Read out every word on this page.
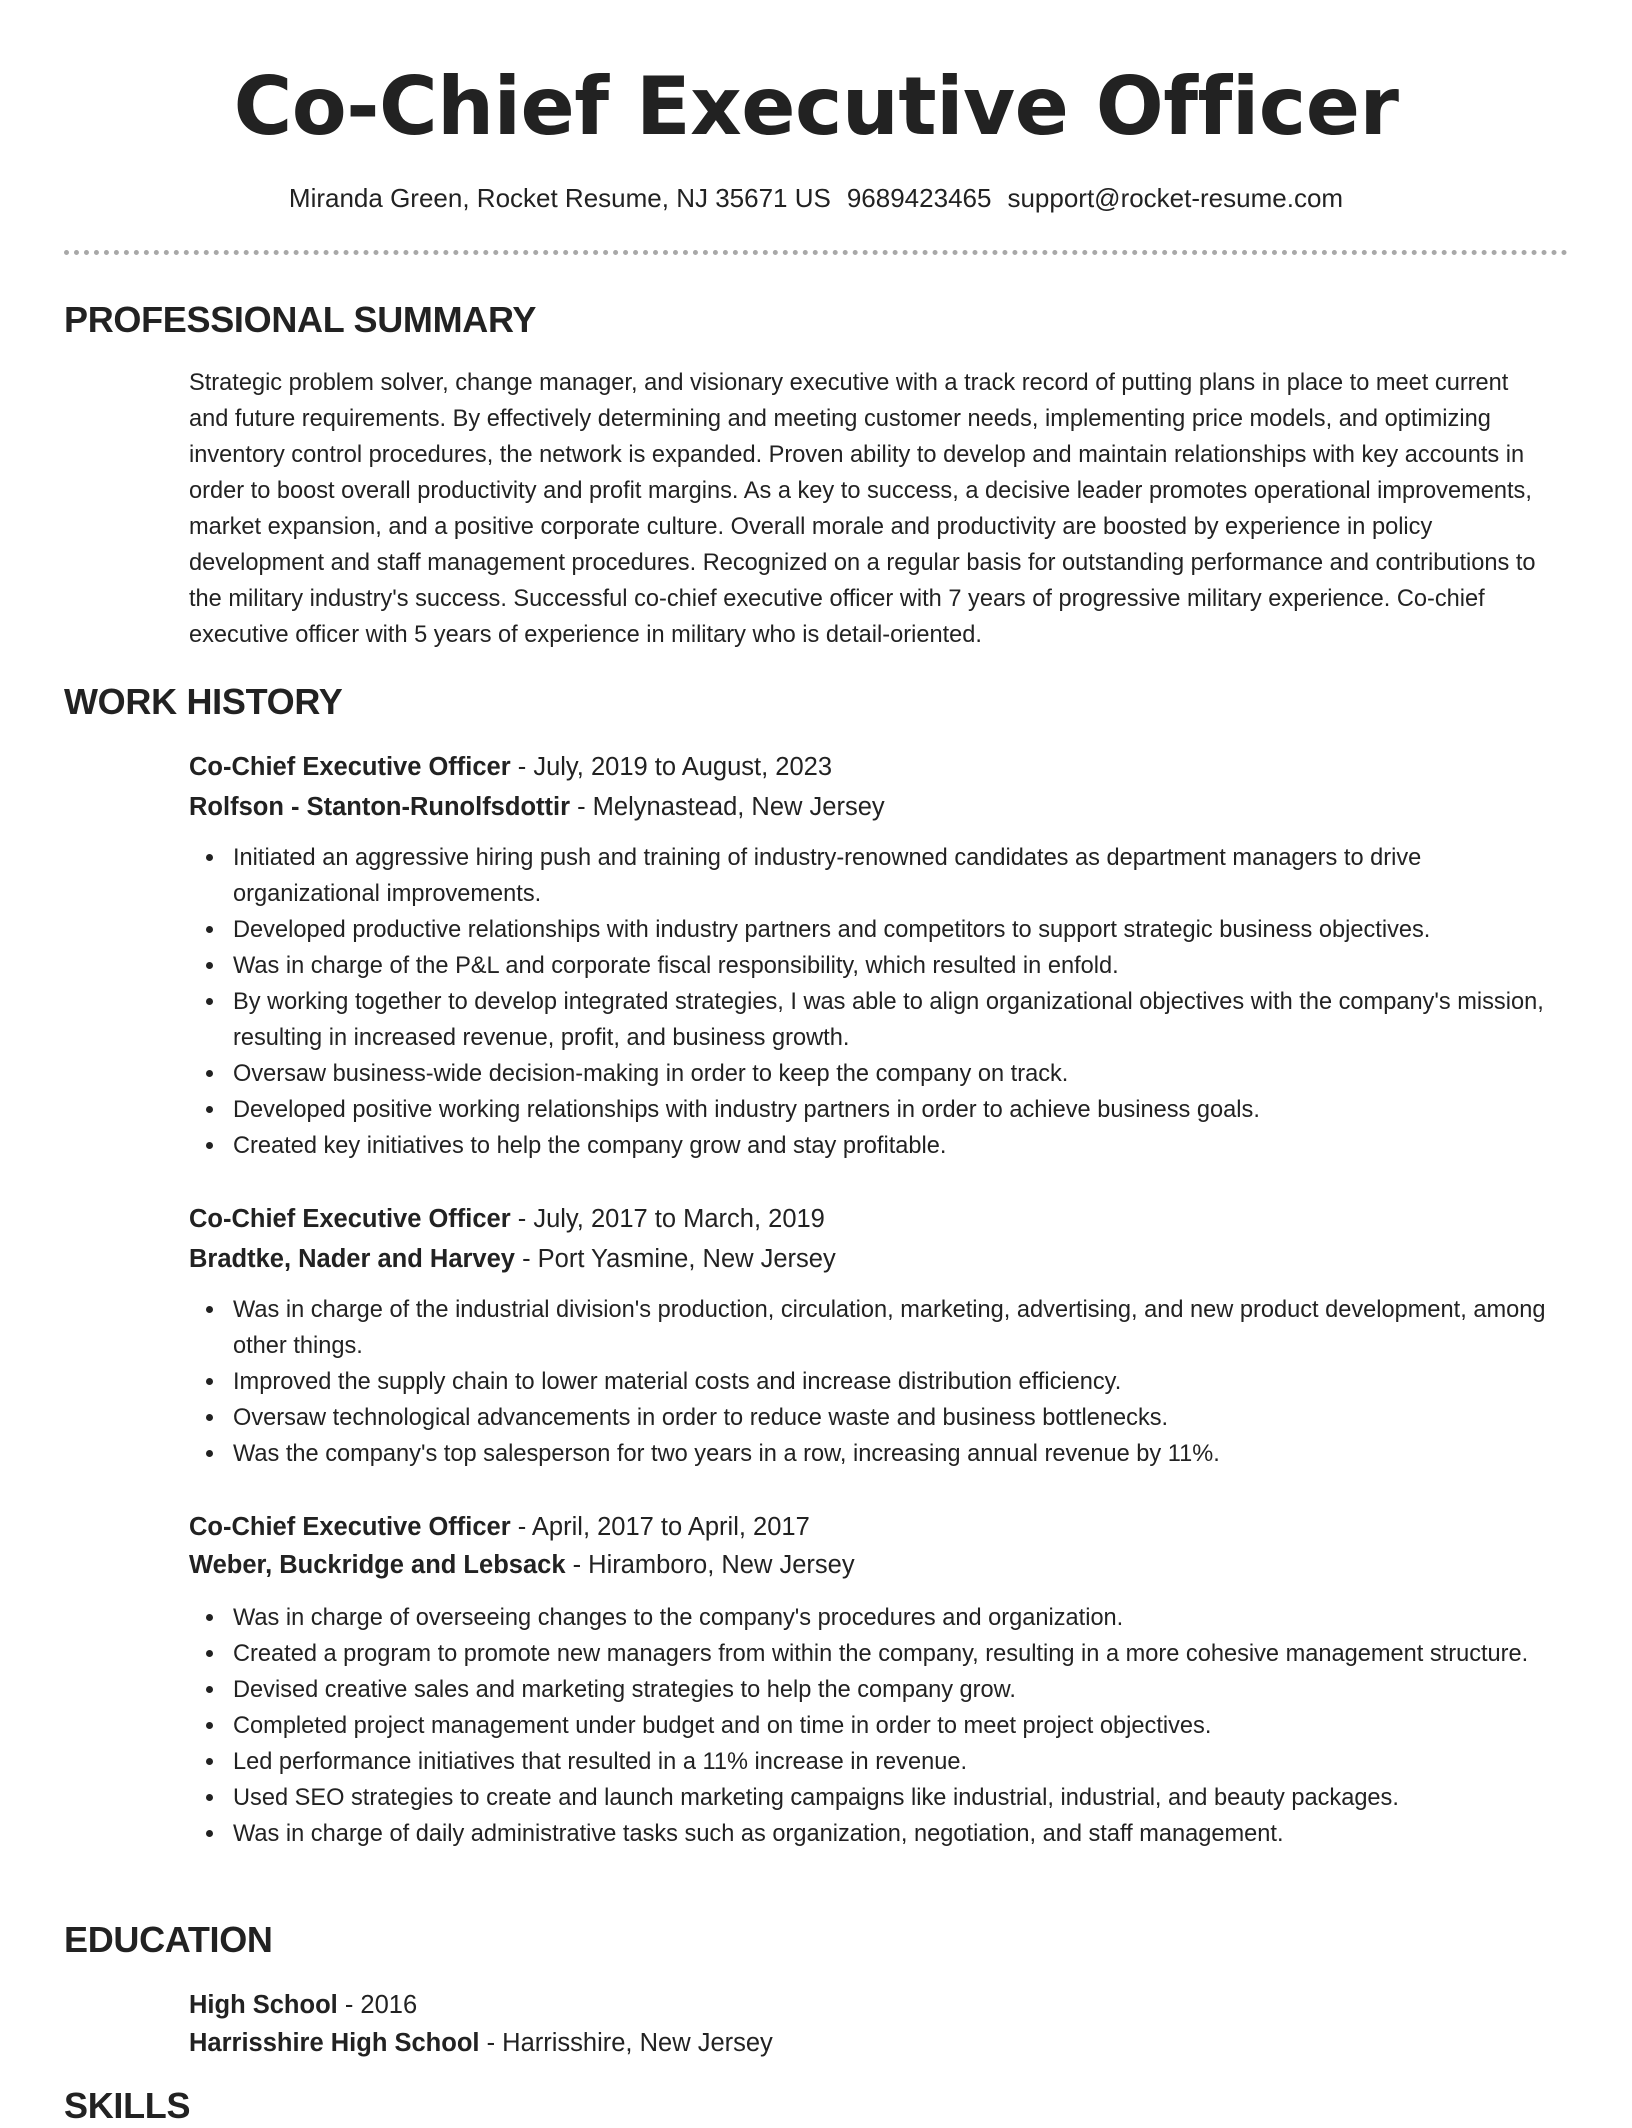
Co-Chief Executive Officer
Miranda Green, Rocket Resume, NJ 35671 US 9689423465 support@rocket-resume.com
PROFESSIONAL SUMMARY

Strategic problem solver, change manager, and visionary executive with a track record of putting plans in place to meet current and future requirements. By effectively determining and meeting customer needs, implementing price models, and optimizing inventory control procedures, the network is expanded. Proven ability to develop and maintain relationships with key accounts in order to boost overall productivity and profit margins. As a key to success, a decisive leader promotes operational improvements, market expansion, and a positive corporate culture. Overall morale and productivity are boosted by experience in policy development and staff management procedures. Recognized on a regular basis for outstanding performance and contributions to the military industry's success. Successful co-chief executive officer with 7 years of progressive military experience. Co-chief executive officer with 5 years of experience in military who is detail-oriented.

WORK HISTORY
Co-Chief Executive Officer - July, 2019 to August, 2023
Rolfson - Stanton-Runolfsdottir - Melynastead, New Jersey
Initiated an aggressive hiring push and training of industry-renowned candidates as department managers to drive organizational improvements.
Developed productive relationships with industry partners and competitors to support strategic business objectives.
Was in charge of the P&L and corporate fiscal responsibility, which resulted in enfold.
By working together to develop integrated strategies, I was able to align organizational objectives with the company's mission, resulting in increased revenue, profit, and business growth.
Oversaw business-wide decision-making in order to keep the company on track.
Developed positive working relationships with industry partners in order to achieve business goals.
Created key initiatives to help the company grow and stay profitable.
Co-Chief Executive Officer - July, 2017 to March, 2019
Bradtke, Nader and Harvey - Port Yasmine, New Jersey
Was in charge of the industrial division's production, circulation, marketing, advertising, and new product development, among other things.
Improved the supply chain to lower material costs and increase distribution efficiency.
Oversaw technological advancements in order to reduce waste and business bottlenecks.
Was the company's top salesperson for two years in a row, increasing annual revenue by 11%.
Co-Chief Executive Officer - April, 2017 to April, 2017
Weber, Buckridge and Lebsack - Hiramboro, New Jersey
Was in charge of overseeing changes to the company's procedures and organization.
Created a program to promote new managers from within the company, resulting in a more cohesive management structure.
Devised creative sales and marketing strategies to help the company grow.
Completed project management under budget and on time in order to meet project objectives.
Led performance initiatives that resulted in a 11% increase in revenue.
Used SEO strategies to create and launch marketing campaigns like industrial, industrial, and beauty packages.
Was in charge of daily administrative tasks such as organization, negotiation, and staff management.
EDUCATION
High School - 2016
Harrisshire High School - Harrisshire, New Jersey
SKILLS
